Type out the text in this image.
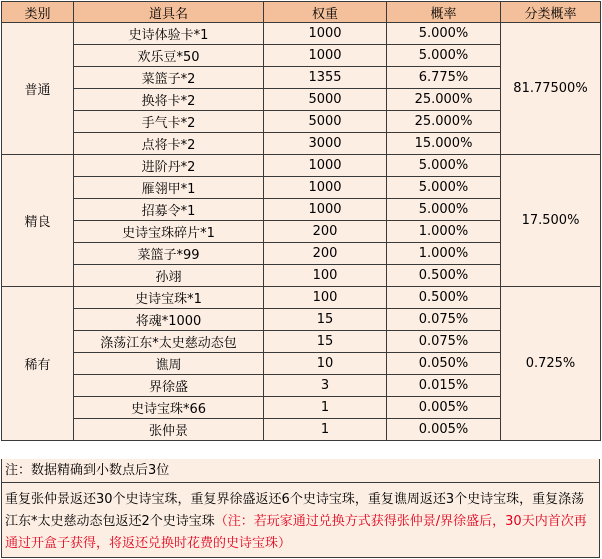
类别	道具名	权重	概率	分类概率
普通	史诗体验卡*1	1000	5.000%	81.77500%
	欢乐豆*50	1000	5.000%	
	菜篮子*2	1355	6.775%	
	换将卡*2	5000	25.000%	
	手气卡*2	5000	25.000%	
	点将卡*2	3000	15.000%	
精良	进阶丹*2	1000	5.000%	17.500%
	雁翎甲*1	1000	5.000%	
	招募令*1	1000	5.000%	
	史诗宝珠碎片*1	200	1.000%	
	菜篮子*99	200	1.000%	
	孙翊	100	0.500%	
稀有	史诗宝珠*1	100	0.500%	0.725%
	将魂*1000	15	0.075%	
	涤荡江东*太史慈动态包	15	0.075%	
	谯周	10	0.050%	
	界徐盛	3	0.015%	
	史诗宝珠*66	1	0.005%	
	张仲景	1	0.005%	
注：数据精确到小数点后3位
重复张仲景返还30个史诗宝珠，重复界徐盛返还6个史诗宝珠，重复谯周返还3个史诗宝珠，重复涤荡江东*太史慈动态包返还2个史诗宝珠（注：若玩家通过兑换方式获得张仲景/界徐盛后，30天内首次再通过开盒子获得，将返还兑换时花费的史诗宝珠）
